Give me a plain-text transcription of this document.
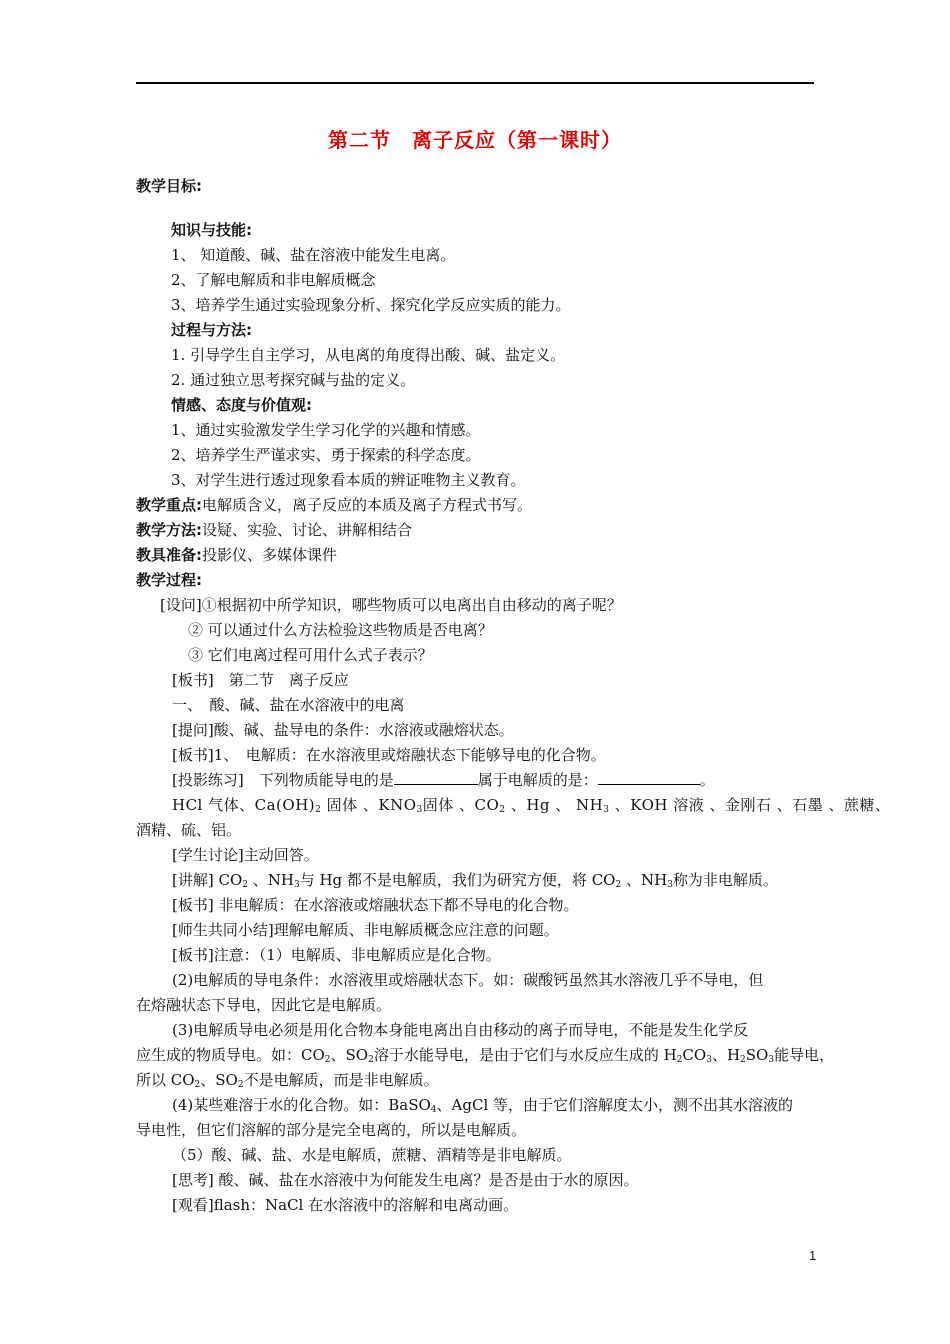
第二节　离子反应（第一课时）
教学目标:
知识与技能:
1、 知道酸、碱、盐在溶液中能发生电离。
2、了解电解质和非电解质概念
3、培养学生通过实验现象分析、探究化学反应实质的能力。
过程与方法:
1. 引导学生自主学习，从电离的角度得出酸、碱、盐定义。
2. 通过独立思考探究碱与盐的定义。
情感、态度与价值观:
1、通过实验激发学生学习化学的兴趣和情感。
2、培养学生严谨求实、勇于探索的科学态度。
3、对学生进行透过现象看本质的辨证唯物主义教育。
教学重点:电解质含义，离子反应的本质及离子方程式书写。
教学方法:设疑、实验、讨论、讲解相结合
教具准备:投影仪、多媒体课件
教学过程:
[设问]①根据初中所学知识，哪些物质可以电离出自由移动的离子呢？
② 可以通过什么方法检验这些物质是否电离？
③ 它们电离过程可用什么式子表示？
[板书]　第二节　离子反应
一、　酸、碱、盐在水溶液中的电离
[提问]酸、碱、盐导电的条件：水溶液或融熔状态。
[板书]1、　电解质：在水溶液里或熔融状态下能够导电的化合物。
[投影练习]　下列物质能导电的是	属于电解质的是：	。
HCl 气体、$Ca(OH)_2$ 固体 、$KNO_3$固体 、$CO_2$ 、Hg 、 $NH_3$ 、KOH 溶液 、金刚石 、石墨 、蔗糖、
酒精、硫、铝。
[学生讨论]主动回答。
[讲解] $CO_2$ 、$NH_3$与 Hg 都不是电解质，我们为研究方便，将 $CO_2$ 、$NH_3$称为非电解质。
[板书] 非电解质：在水溶液或熔融状态下都不导电的化合物。
[师生共同小结]理解电解质、非电解质概念应注意的问题。
[板书]注意：（1）电解质、非电解质应是化合物。
(2)电解质的导电条件：水溶液里或熔融状态下。如：碳酸钙虽然其水溶液几乎不导电，但
在熔融状态下导电，因此它是电解质。
(3)电解质导电必须是用化合物本身能电离出自由移动的离子而导电，不能是发生化学反
应生成的物质导电。如：$CO_2$、$SO_2$溶于水能导电，是由于它们与水反应生成的 $H_2CO_3$、$H_2SO_3$能导电，
所以 $CO_2$、$SO_2$不是电解质，而是非电解质。
(4)某些难溶于水的化合物。如：BaSO$_4$、AgCl 等，由于它们溶解度太小，测不出其水溶液的
导电性，但它们溶解的部分是完全电离的，所以是电解质。
（5）酸、碱、盐、水是电解质，蔗糖、酒精等是非电解质。
[思考] 酸、碱、盐在水溶液中为何能发生电离？是否是由于水的原因。
[观看]flash：NaCl 在水溶液中的溶解和电离动画。
1
